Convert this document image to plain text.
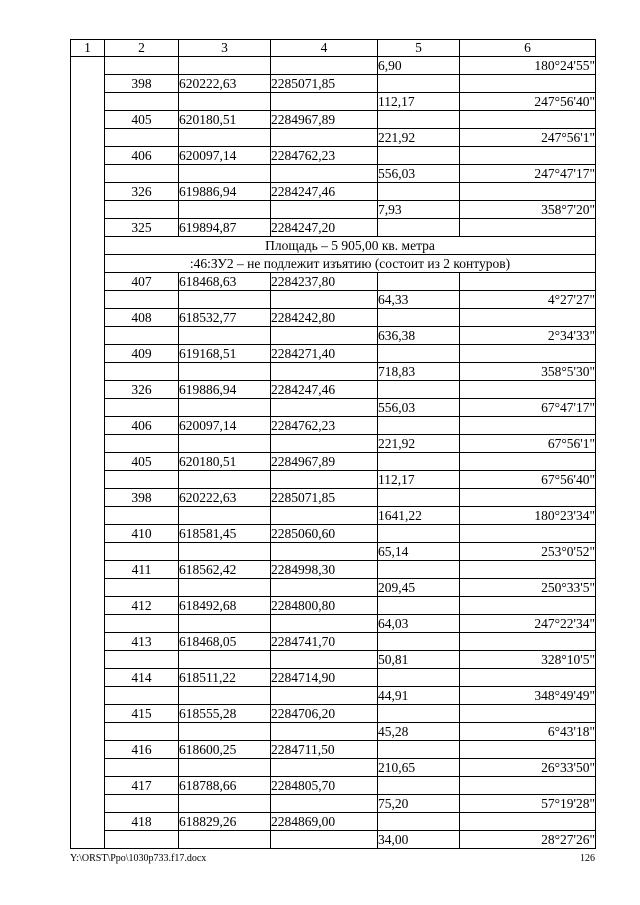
1	2	3	4	5	6
				6,90	180°24'55"
	398	620222,63	2285071,85		
				112,17	247°56'40"
	405	620180,51	2284967,89		
				221,92	247°56'1"
	406	620097,14	2284762,23		
				556,03	247°47'17"
	326	619886,94	2284247,46		
				7,93	358°7'20"
	325	619894,87	2284247,20		
	Площадь – 5 905,00 кв. метра				
	:46:ЗУ2 – не подлежит изъятию (состоит из 2 контуров)				
	407	618468,63	2284237,80		
				64,33	4°27'27"
	408	618532,77	2284242,80		
				636,38	2°34'33"
	409	619168,51	2284271,40		
				718,83	358°5'30"
	326	619886,94	2284247,46		
				556,03	67°47'17"
	406	620097,14	2284762,23		
				221,92	67°56'1"
	405	620180,51	2284967,89		
				112,17	67°56'40"
	398	620222,63	2285071,85		
				1641,22	180°23'34"
	410	618581,45	2285060,60		
				65,14	253°0'52"
	411	618562,42	2284998,30		
				209,45	250°33'5"
	412	618492,68	2284800,80		
				64,03	247°22'34"
	413	618468,05	2284741,70		
				50,81	328°10'5"
	414	618511,22	2284714,90		
				44,91	348°49'49"
	415	618555,28	2284706,20		
				45,28	6°43'18"
	416	618600,25	2284711,50		
				210,65	26°33'50"
	417	618788,66	2284805,70		
				75,20	57°19'28"
	418	618829,26	2284869,00		
				34,00	28°27'26"
Y:\ORST\Ppo\1030p733.f17.docx	126
